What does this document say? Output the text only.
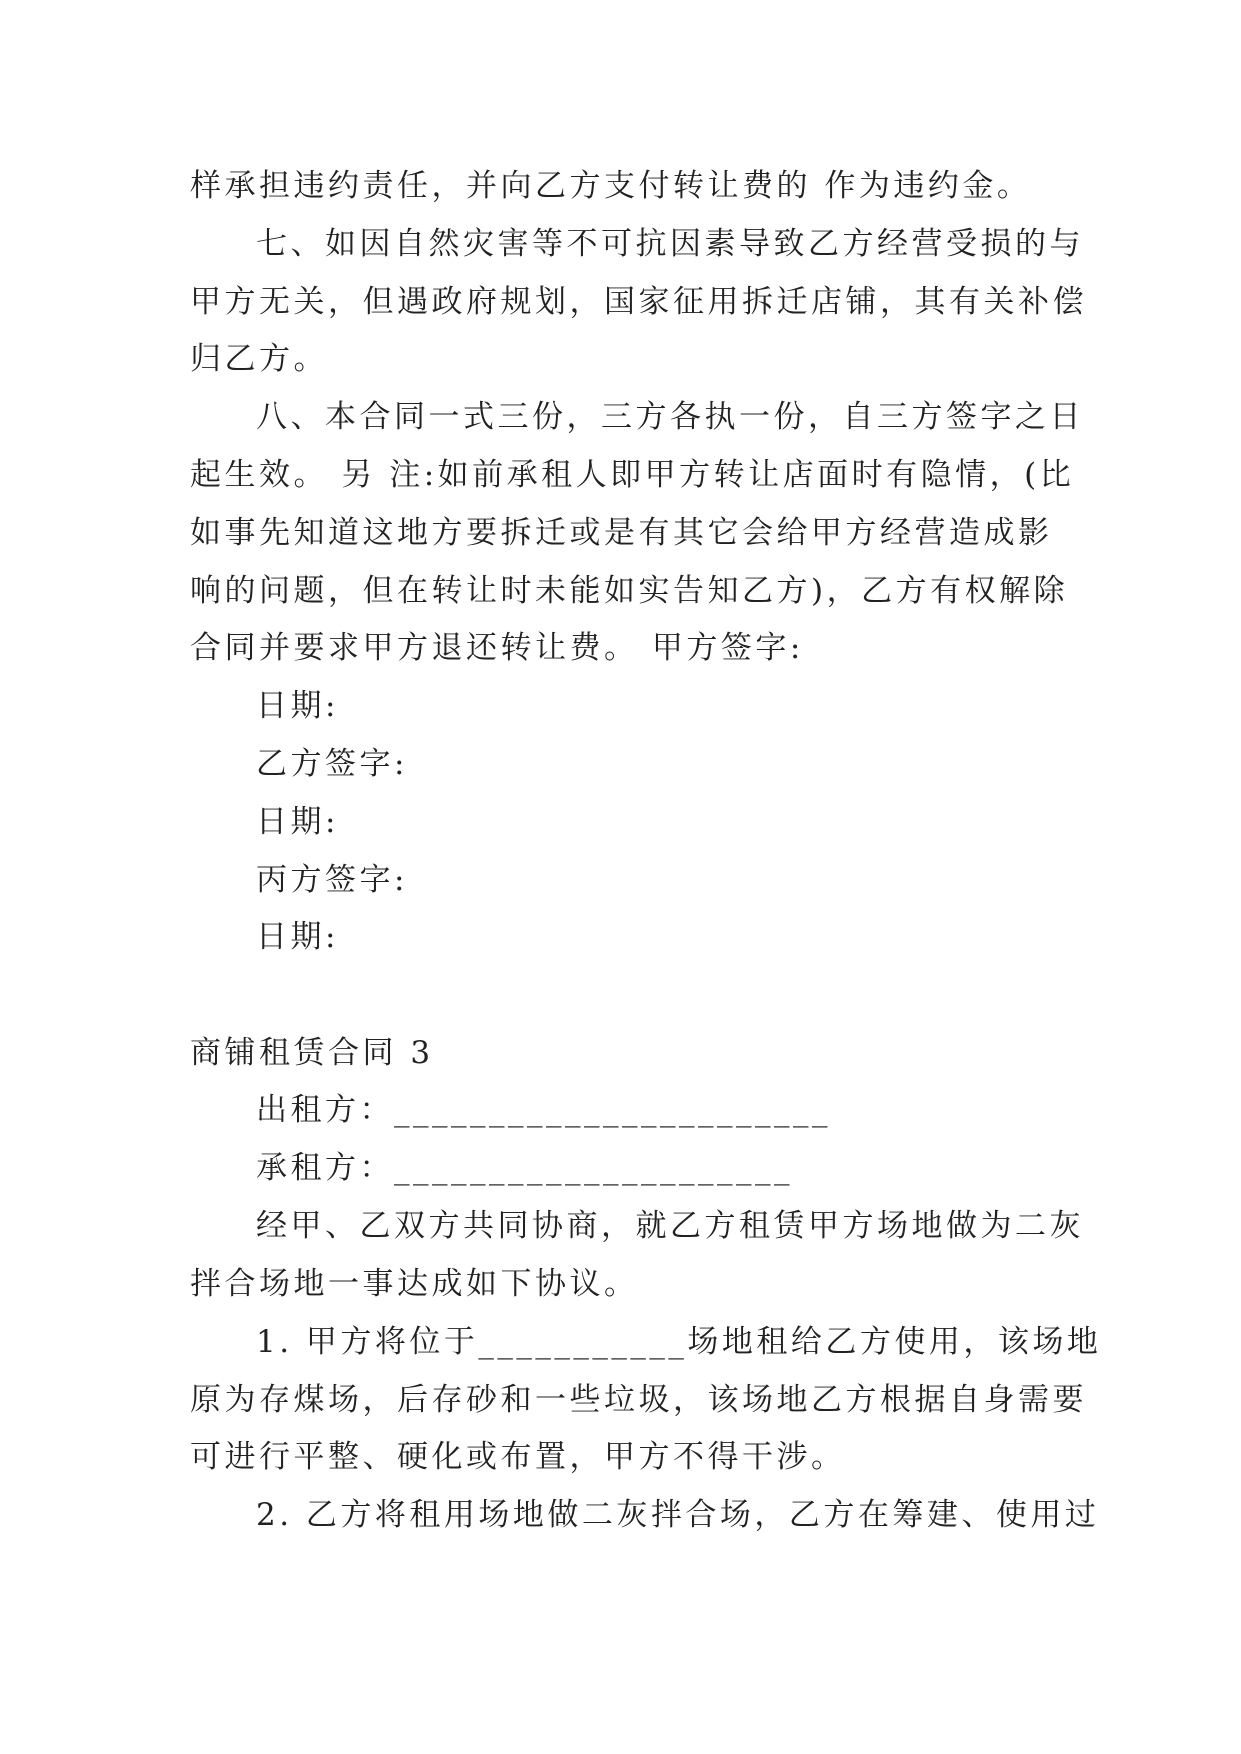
样承担违约责任，并向乙方支付转让费的 作为违约金。
七、如因自然灾害等不可抗因素导致乙方经营受损的与
甲方无关，但遇政府规划，国家征用拆迁店铺，其有关补偿
归乙方。
八、本合同一式三份，三方各执一份，自三方签字之日
起生效。 另 注:如前承租人即甲方转让店面时有隐情，(比
如事先知道这地方要拆迁或是有其它会给甲方经营造成影
响的问题，但在转让时未能如实告知乙方)，乙方有权解除
合同并要求甲方退还转让费。 甲方签字:
日期:
乙方签字:
日期:
丙方签字:
日期:
商铺租赁合同 3
出租方：_______________________
承租方：_____________________
经甲、乙双方共同协商，就乙方租赁甲方场地做为二灰
拌合场地一事达成如下协议。
1. 甲方将位于___________场地租给乙方使用，该场地
原为存煤场，后存砂和一些垃圾，该场地乙方根据自身需要
可进行平整、硬化或布置，甲方不得干涉。
2. 乙方将租用场地做二灰拌合场，乙方在筹建、使用过
